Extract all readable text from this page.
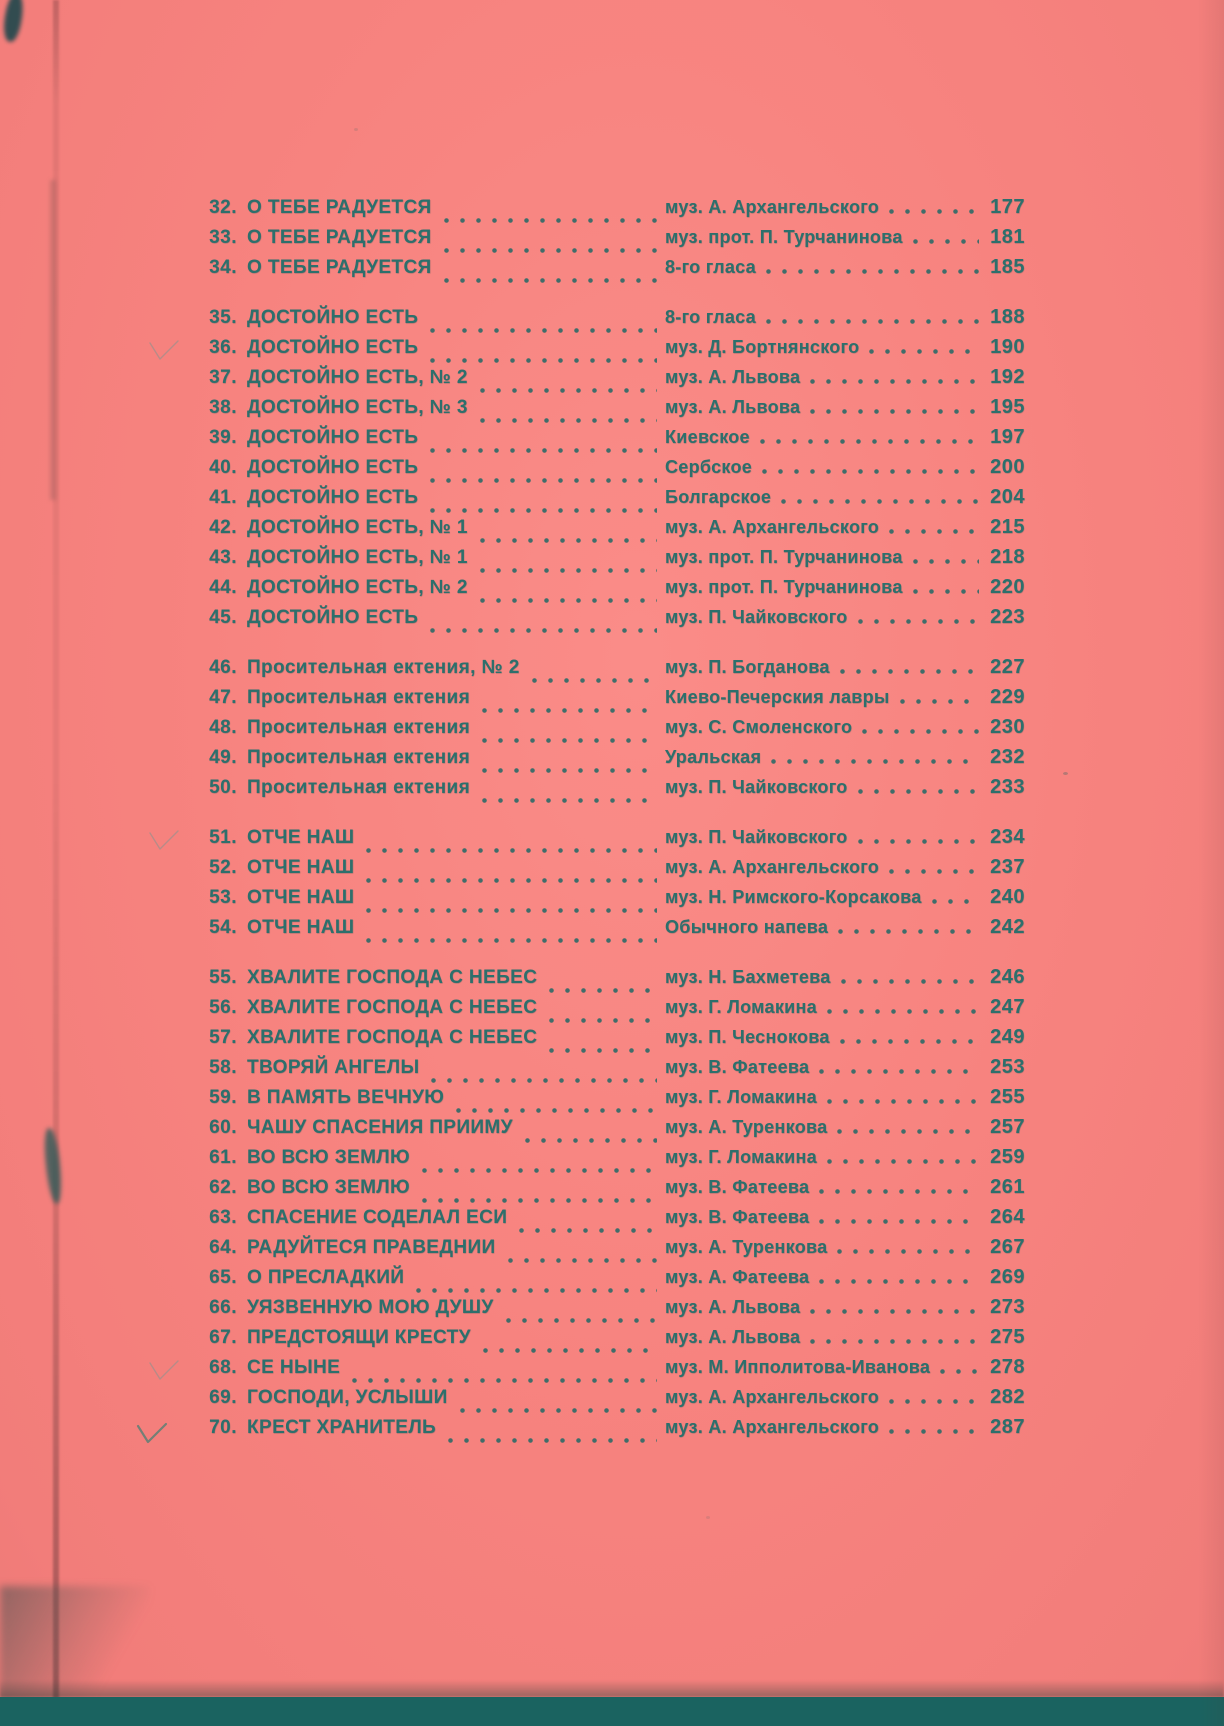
32. О ТЕБЕ РАДУЕТСЯ	муз. А. Архангельского	177
33. О ТЕБЕ РАДУЕТСЯ	муз. прот. П. Турчанинова	181
34. О ТЕБЕ РАДУЕТСЯ	8-го гласа	185
35. ДОСТОЙНО ЕСТЬ	8-го гласа	188
36. ДОСТОЙНО ЕСТЬ	муз. Д. Бортнянского	190
37. ДОСТОЙНО ЕСТЬ, № 2	муз. А. Львова	192
38. ДОСТОЙНО ЕСТЬ, № 3	муз. А. Львова	195
39. ДОСТОЙНО ЕСТЬ	Киевское	197
40. ДОСТОЙНО ЕСТЬ	Сербское	200
41. ДОСТОЙНО ЕСТЬ	Болгарское	204
42. ДОСТОЙНО ЕСТЬ, № 1	муз. А. Архангельского	215
43. ДОСТОЙНО ЕСТЬ, № 1	муз. прот. П. Турчанинова	218
44. ДОСТОЙНО ЕСТЬ, № 2	муз. прот. П. Турчанинова	220
45. ДОСТОЙНО ЕСТЬ	муз. П. Чайковского	223
46. Просительная ектения, № 2	муз. П. Богданова	227
47. Просительная ектения	Киево-Печерския лавры	229
48. Просительная ектения	муз. С. Смоленского	230
49. Просительная ектения	Уральская	232
50. Просительная ектения	муз. П. Чайковского	233
51. ОТЧЕ НАШ	муз. П. Чайковского	234
52. ОТЧЕ НАШ	муз. А. Архангельского	237
53. ОТЧЕ НАШ	муз. Н. Римского-Корсакова	240
54. ОТЧЕ НАШ	Обычного напева	242
55. ХВАЛИТЕ ГОСПОДА С НЕБЕС	муз. Н. Бахметева	246
56. ХВАЛИТЕ ГОСПОДА С НЕБЕС	муз. Г. Ломакина	247
57. ХВАЛИТЕ ГОСПОДА С НЕБЕС	муз. П. Чеснокова	249
58. ТВОРЯЙ АНГЕЛЫ	муз. В. Фатеева	253
59. В ПАМЯТЬ ВЕЧНУЮ	муз. Г. Ломакина	255
60. ЧАШУ СПАСЕНИЯ ПРИИМУ	муз. А. Туренкова	257
61. ВО ВСЮ ЗЕМЛЮ	муз. Г. Ломакина	259
62. ВО ВСЮ ЗЕМЛЮ	муз. В. Фатеева	261
63. СПАСЕНИЕ СОДЕЛАЛ ЕСИ	муз. В. Фатеева	264
64. РАДУЙТЕСЯ ПРАВЕДНИИ	муз. А. Туренкова	267
65. О ПРЕСЛАДКИЙ	муз. А. Фатеева	269
66. УЯЗВЕННУЮ МОЮ ДУШУ	муз. А. Львова	273
67. ПРЕДСТОЯЩИ КРЕСТУ	муз. А. Львова	275
68. СЕ НЫНЕ	муз. М. Ипполитова-Иванова	278
69. ГОСПОДИ, УСЛЫШИ	муз. А. Архангельского	282
70. КРЕСТ ХРАНИТЕЛЬ	муз. А. Архангельского	287
